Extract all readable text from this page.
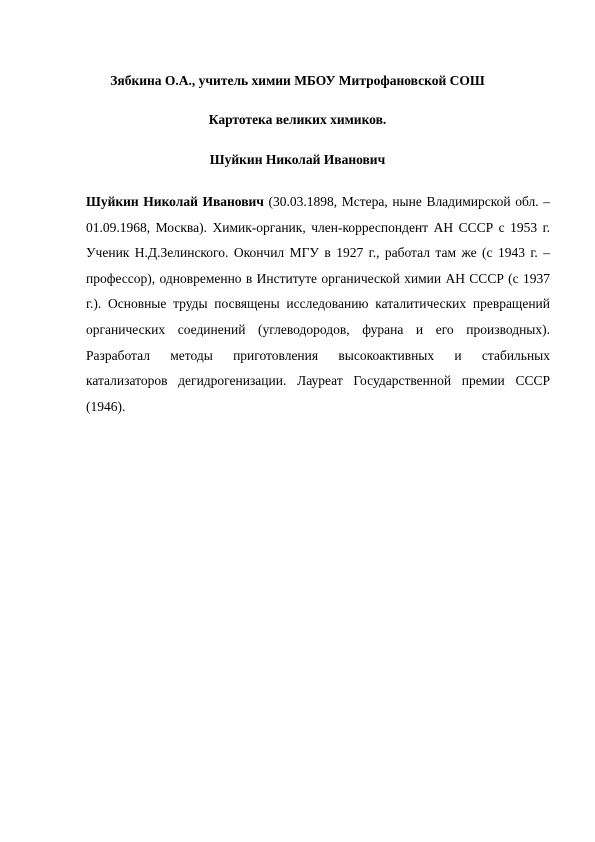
Зябкина О.А., учитель химии МБОУ Митрофановской СОШ
Картотека великих химиков.
Шуйкин Николай Иванович
Шуйкин Николай Иванович (30.03.1898, Мстера, ныне Владимирской обл. – 01.09.1968, Москва). Химик-органик, член-корреспондент АН СССР с 1953 г. Ученик Н.Д.Зелинского. Окончил МГУ в 1927 г., работал там же (с 1943 г. – профессор), одновременно в Институте органической химии АН СССР (с 1937 г.). Основные труды посвящены исследованию каталитических превращений органических соединений (углеводородов, фурана и его производных). Разработал методы приготовления высокоактивных и стабильных катализаторов дегидрогенизации. Лауреат Государственной премии СССР (1946).
